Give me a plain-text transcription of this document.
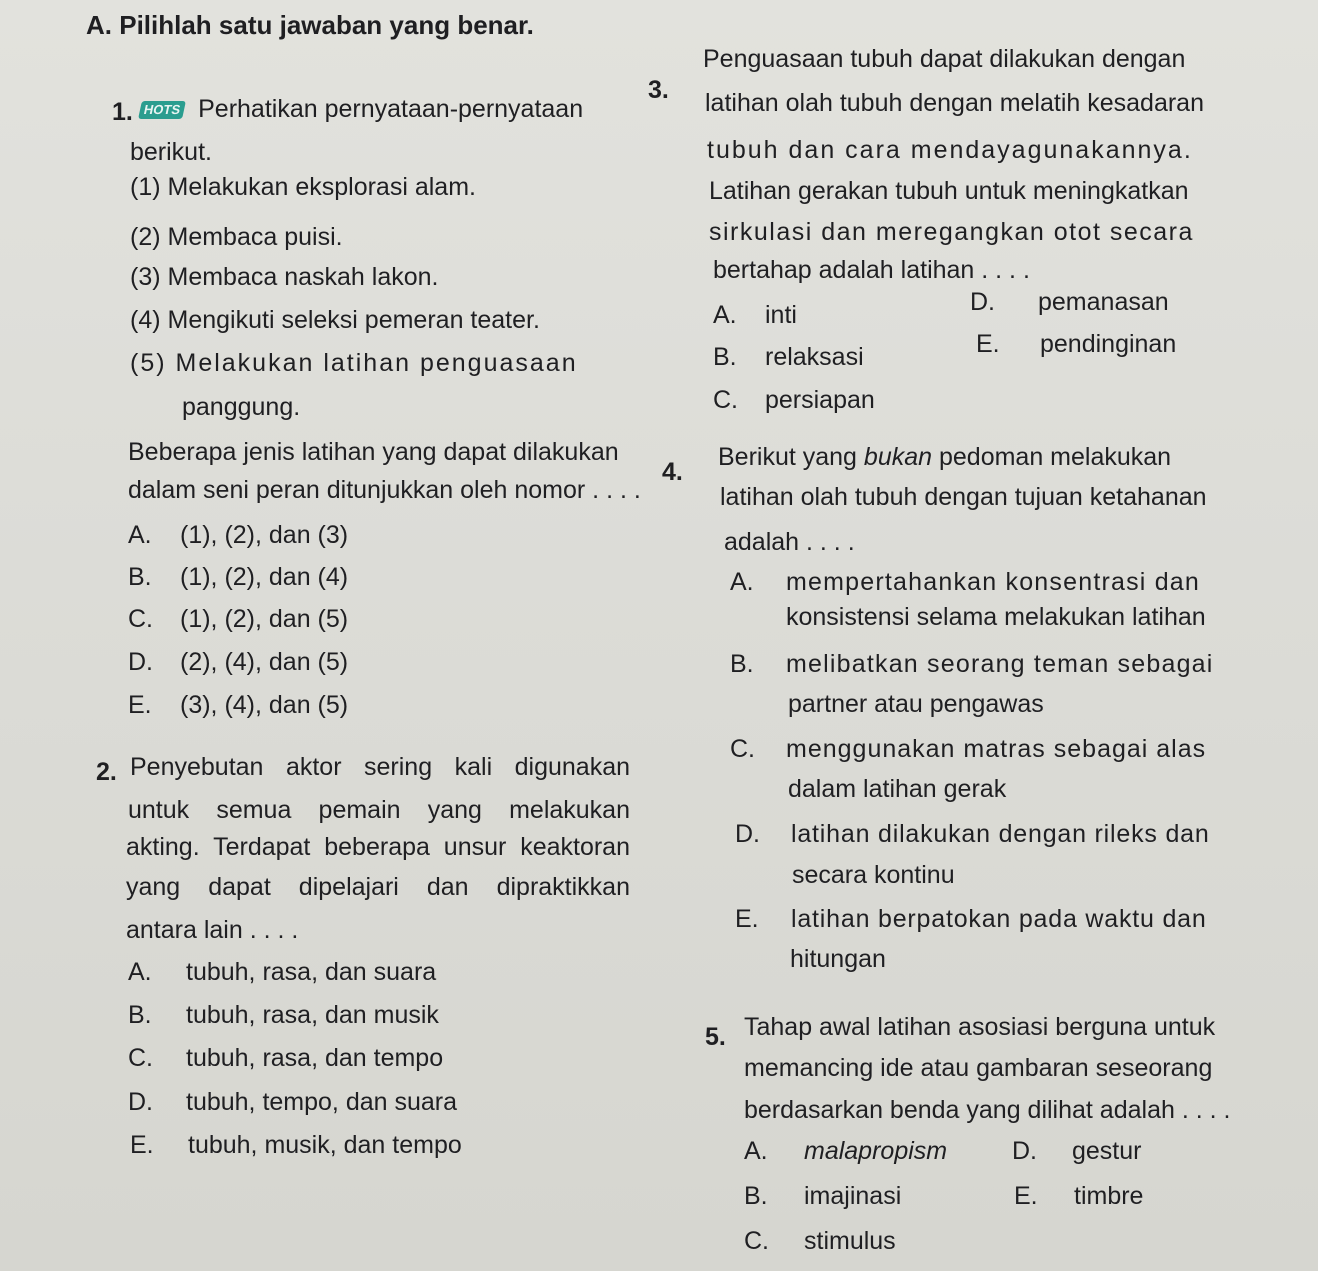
A. Pilihlah satu jawaban yang benar.
1. HOTS Perhatikan pernyataan-pernyataan
berikut.
(1) Melakukan eksplorasi alam.
(2) Membaca puisi.
(3) Membaca naskah lakon.
(4) Mengikuti seleksi pemeran teater.
(5) Melakukan latihan penguasaan
panggung.
Beberapa jenis latihan yang dapat dilakukan
dalam seni peran ditunjukkan oleh nomor . . . .
A. (1), (2), dan (3)
B. (1), (2), dan (4)
C. (1), (2), dan (5)
D. (2), (4), dan (5)
E. (3), (4), dan (5)
2. Penyebutan aktor sering kali digunakan
untuk semua pemain yang melakukan
akting. Terdapat beberapa unsur keaktoran
yang dapat dipelajari dan dipraktikkan
antara lain . . . .
A. tubuh, rasa, dan suara
B. tubuh, rasa, dan musik
C. tubuh, rasa, dan tempo
D. tubuh, tempo, dan suara
E. tubuh, musik, dan tempo
3.
Penguasaan tubuh dapat dilakukan dengan
latihan olah tubuh dengan melatih kesadaran
tubuh dan cara mendayagunakannya.
Latihan gerakan tubuh untuk meningkatkan
sirkulasi dan meregangkan otot secara
bertahap adalah latihan . . . .
A. inti
B. relaksasi
C. persiapan
D. pemanasan
E. pendinginan
4.
Berikut yang bukan pedoman melakukan
latihan olah tubuh dengan tujuan ketahanan
adalah . . . .
A. mempertahankan konsentrasi dan
konsistensi selama melakukan latihan
B. melibatkan seorang teman sebagai
partner atau pengawas
C. menggunakan matras sebagai alas
dalam latihan gerak
D. latihan dilakukan dengan rileks dan
secara kontinu
E. latihan berpatokan pada waktu dan
hitungan
5. Tahap awal latihan asosiasi berguna untuk
memancing ide atau gambaran seseorang
berdasarkan benda yang dilihat adalah . . . .
A. malapropism
B. imajinasi
C. stimulus
D. gestur
E. timbre
